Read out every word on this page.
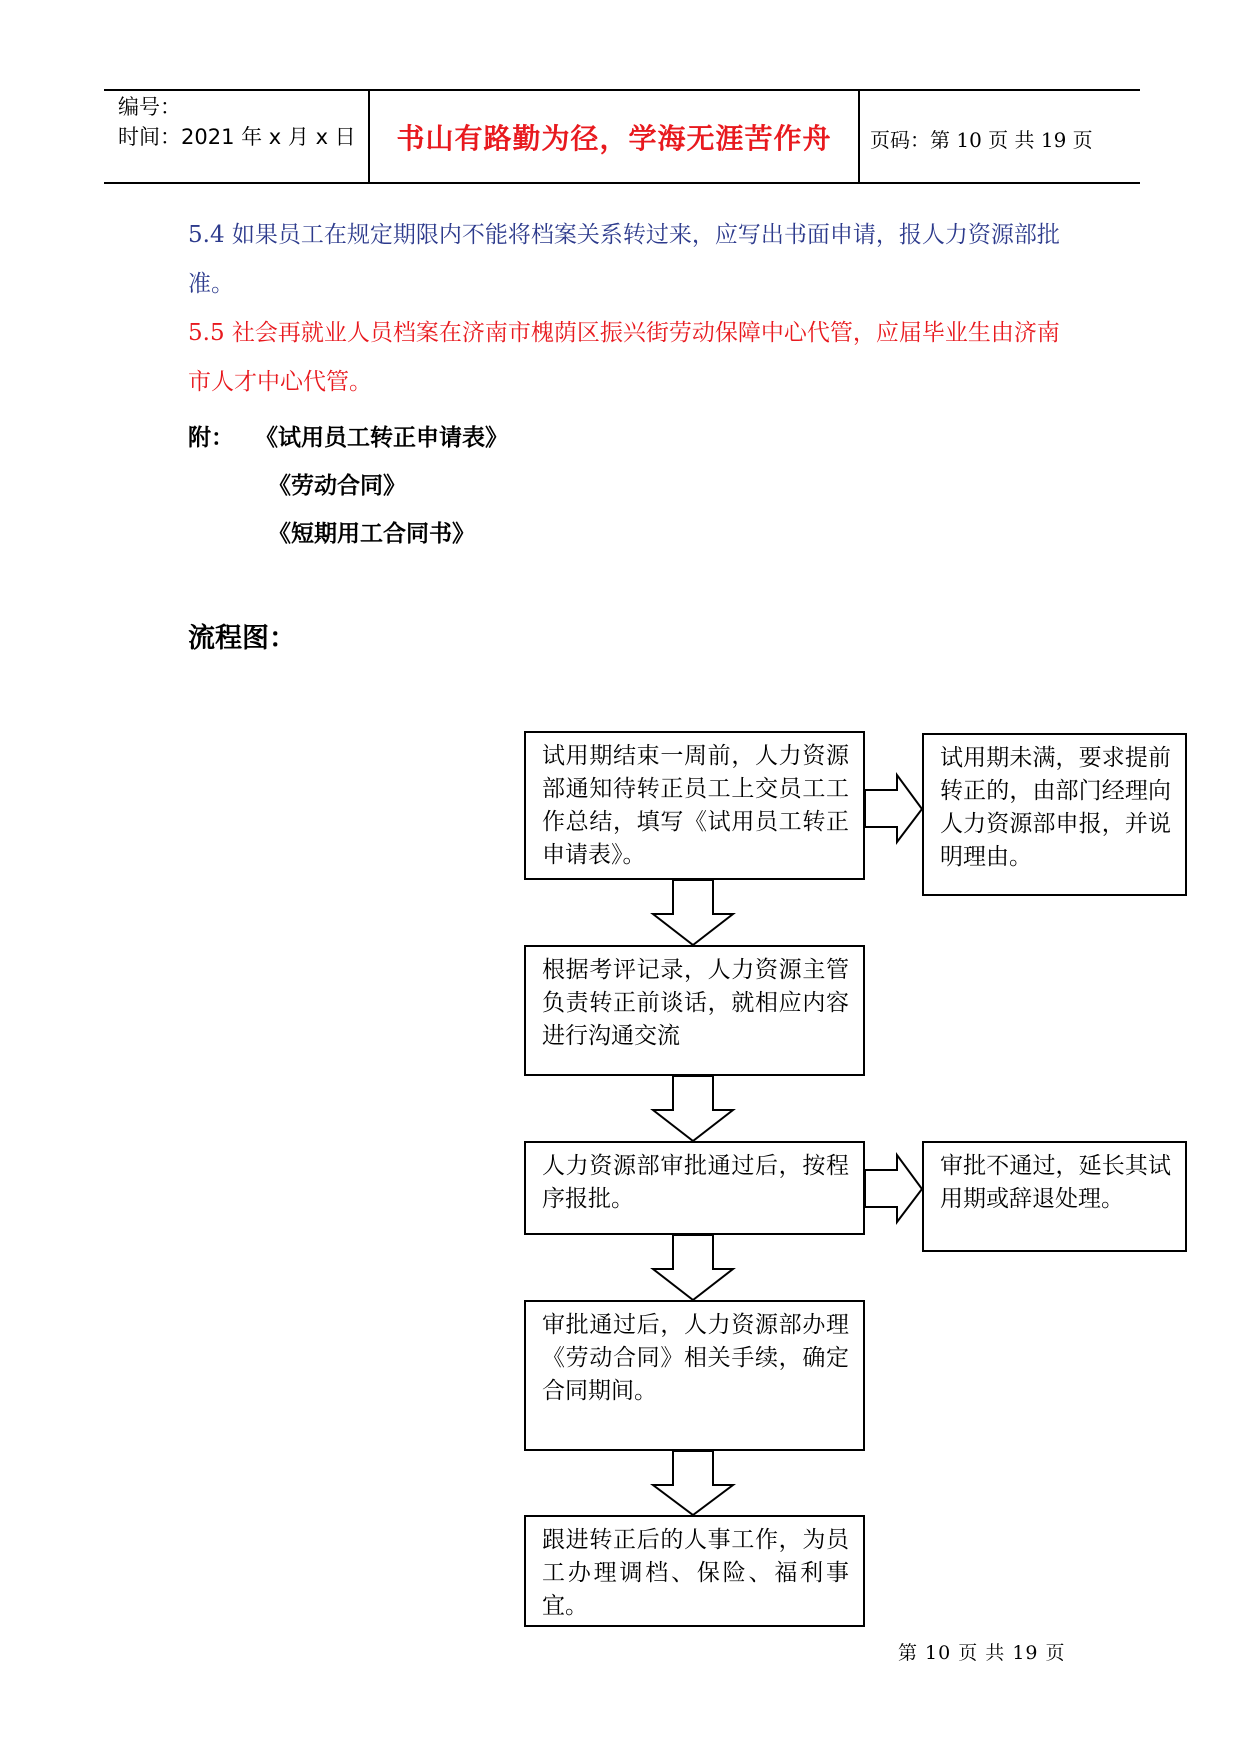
编号：
时间：2021 年 x 月 x 日	书山有路勤为径，学海无涯苦作舟	页码：第 10 页 共 19 页
5.4 如果员工在规定期限内不能将档案关系转过来，应写出书面申请，报人力资源部批准。
5.5 社会再就业人员档案在济南市槐荫区振兴街劳动保障中心代管，应届毕业生由济南市人才中心代管。
附： 《试用员工转正申请表》
《劳动合同》
《短期用工合同书》
流程图：
试用期结束一周前，人力资源部通知待转正员工上交员工工作总结，填写《试用员工转正申请表》。
根据考评记录，人力资源主管负责转正前谈话，就相应内容进行沟通交流
人力资源部审批通过后，按程序报批。
审批通过后，人力资源部办理《劳动合同》相关手续，确定合同期间。
跟进转正后的人事工作，为员工办理调档、保险、福利事宜。
试用期未满，要求提前转正的，由部门经理向人力资源部申报，并说明理由。
审批不通过，延长其试用期或辞退处理。
第 10 页 共 19 页
